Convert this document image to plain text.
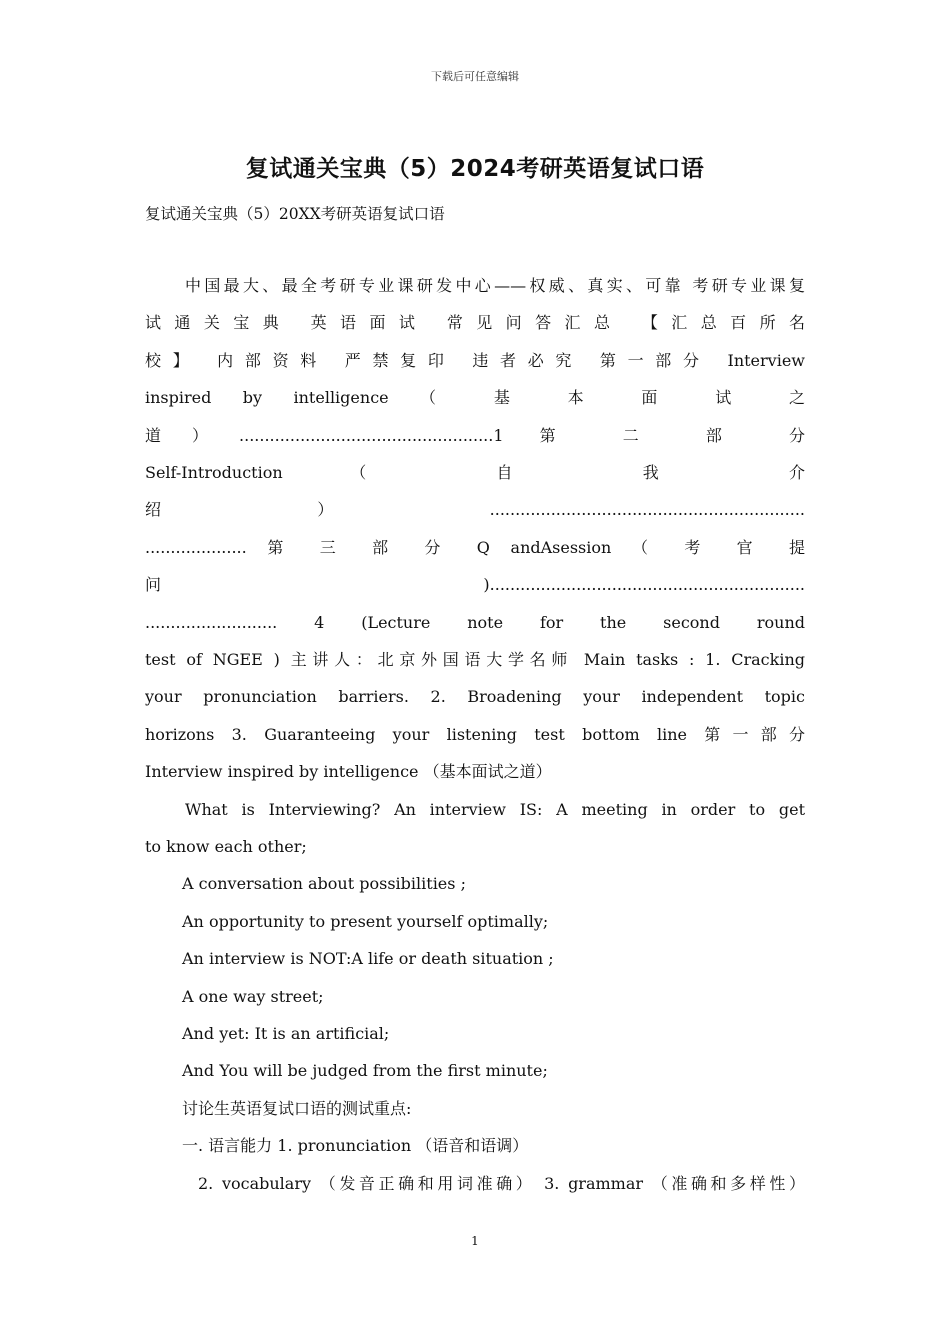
下载后可任意编辑
复试通关宝典（5）2024考研英语复试口语
复试通关宝典（5）20XX考研英语复试口语
中国最大、最全考研专业课研发中心——权威、真实、可靠 考研专业课复
试通关宝典 英语面试 常见问答汇总 【汇总百所名
校】 内部资料 严禁复印 违者必究 第一部分 Interview
inspired by intelligence （ 基 本 面 试 之
道）..................................................1 第 二 部 分
Self-Introduction （ 自 我 介
绍）..............................................................
.................... 第 三 部 分 Q andAsession （ 考 官 提
问)..............................................................
.......................... 4 (Lecture note for the second round
test of NGEE ) 主讲人：北京外国语大学名师 Main tasks : 1. Cracking
your pronunciation barriers. 2. Broadening your independent topic
horizons 3. Guaranteeing your listening test bottom line 第一部分
Interview inspired by intelligence （基本面试之道）
What is Interviewing? An interview IS: A meeting in order to get
to know each other;
A conversation about possibilities ;
An opportunity to present yourself optimally;
An interview is NOT:A life or death situation ;
A one way street;
And yet: It is an artificial;
And You will be judged from the first minute;
讨论生英语复试口语的测试重点:
一. 语言能力 1. pronunciation （语音和语调）
2. vocabulary （发音正确和用词准确） 3. grammar （准确和多样性）
1
